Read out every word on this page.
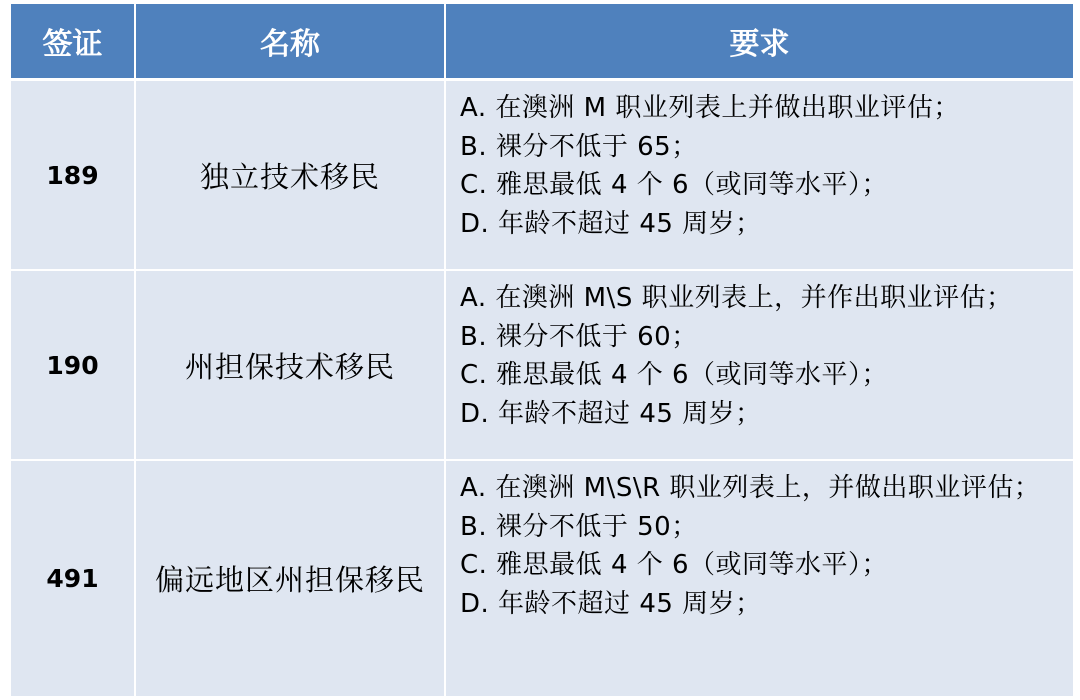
签证	名称	要求
189	独立技术移民
A. 在澳洲 M 职业列表上并做出职业评估；
B. 裸分不低于 65；
C. 雅思最低 4 个 6（或同等水平）；
D. 年龄不超过 45 周岁；
190	州担保技术移民
A. 在澳洲 M\S 职业列表上，并作出职业评估；
B. 裸分不低于 60；
C. 雅思最低 4 个 6（或同等水平）；
D. 年龄不超过 45 周岁；
491	偏远地区州担保移民
A. 在澳洲 M\S\R 职业列表上，并做出职业评估；
B. 裸分不低于 50；
C. 雅思最低 4 个 6（或同等水平）；
D. 年龄不超过 45 周岁；
